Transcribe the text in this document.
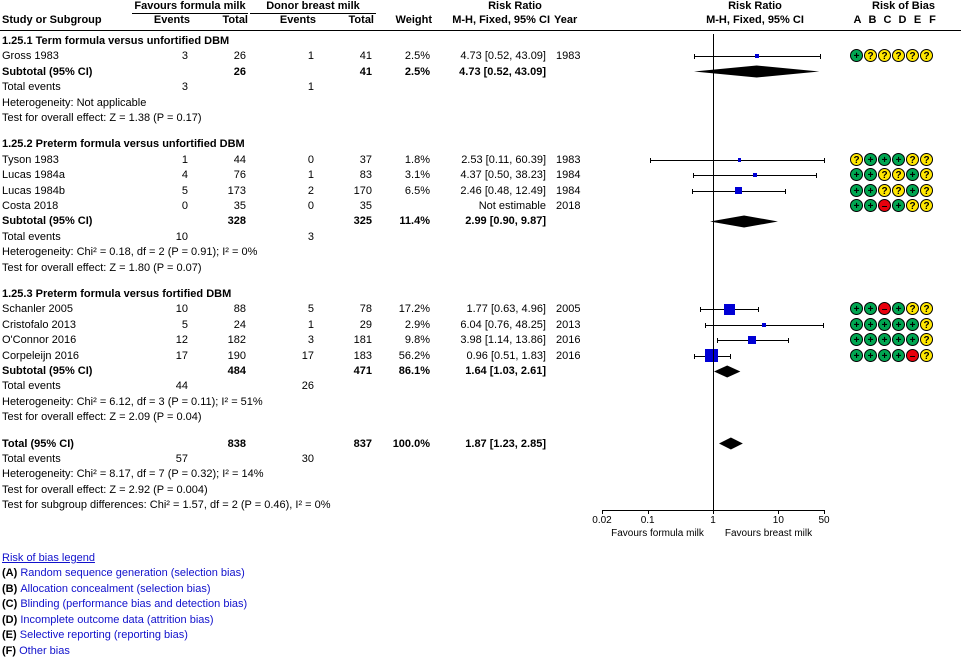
Favours formula milk	Donor breast milk	Risk Ratio
Study or Subgroup	Events	Total	Events	Total	Weight	M-H, Fixed, 95% CI Year
Risk Ratio
M-H, Fixed, 95% CI
Risk of Bias
A B C D E F
1.25.1 Term formula versus unfortified DBM
Gross 1983	3	26	1	41	2.5%	4.73 [0.52, 43.09] 1983
Subtotal (95% CI)	26	41	2.5%	4.73 [0.52, 43.09]
Total events	3	1
Heterogeneity: Not applicable
Test for overall effect: Z = 1.38 (P = 0.17)
1.25.2 Preterm formula versus unfortified DBM
Tyson 1983	1	44	0	37	1.8%	2.53 [0.11, 60.39] 1983
Lucas 1984a	4	76	1	83	3.1%	4.37 [0.50, 38.23] 1984
Lucas 1984b	5	173	2	170	6.5%	2.46 [0.48, 12.49] 1984
Costa 2018	0	35	0	35	Not estimable 2018
Subtotal (95% CI)	328	325	11.4%	2.99 [0.90, 9.87]
Total events	10	3
Heterogeneity: Chi² = 0.18, df = 2 (P = 0.91); I² = 0%
Test for overall effect: Z = 1.80 (P = 0.07)
1.25.3 Preterm formula versus fortified DBM
Schanler 2005	10	88	5	78	17.2%	1.77 [0.63, 4.96] 2005
Cristofalo 2013	5	24	1	29	2.9%	6.04 [0.76, 48.25] 2013
O'Connor 2016	12	182	3	181	9.8%	3.98 [1.14, 13.86] 2016
Corpeleijn 2016	17	190	17	183	56.2%	0.96 [0.51, 1.83] 2016
Subtotal (95% CI)	484	471	86.1%	1.64 [1.03, 2.61]
Total events	44	26
Heterogeneity: Chi² = 6.12, df = 3 (P = 0.11); I² = 51%
Test for overall effect: Z = 2.09 (P = 0.04)
Total (95% CI)	838	837	100.0%	1.87 [1.23, 2.85]
Total events	57	30
Heterogeneity: Chi² = 8.17, df = 7 (P = 0.32); I² = 14%
Test for overall effect: Z = 2.92 (P = 0.004)
Test for subgroup differences: Chi² = 1.57, df = 2 (P = 0.46), I² = 0%
0.02	0.1	1	10	50
Favours formula milk	Favours breast milk
+ ? ? ? ? ?
? + + + ? ?
+ + ? ? + ?
+ + ? ? + ?
+ + – + ? ?
+ + – + ? ?
+ + + + + ?
+ + + + + ?
+ + + + – ?
Risk of bias legend
(A) Random sequence generation (selection bias)
(B) Allocation concealment (selection bias)
(C) Blinding (performance bias and detection bias)
(D) Incomplete outcome data (attrition bias)
(E) Selective reporting (reporting bias)
(F) Other bias
